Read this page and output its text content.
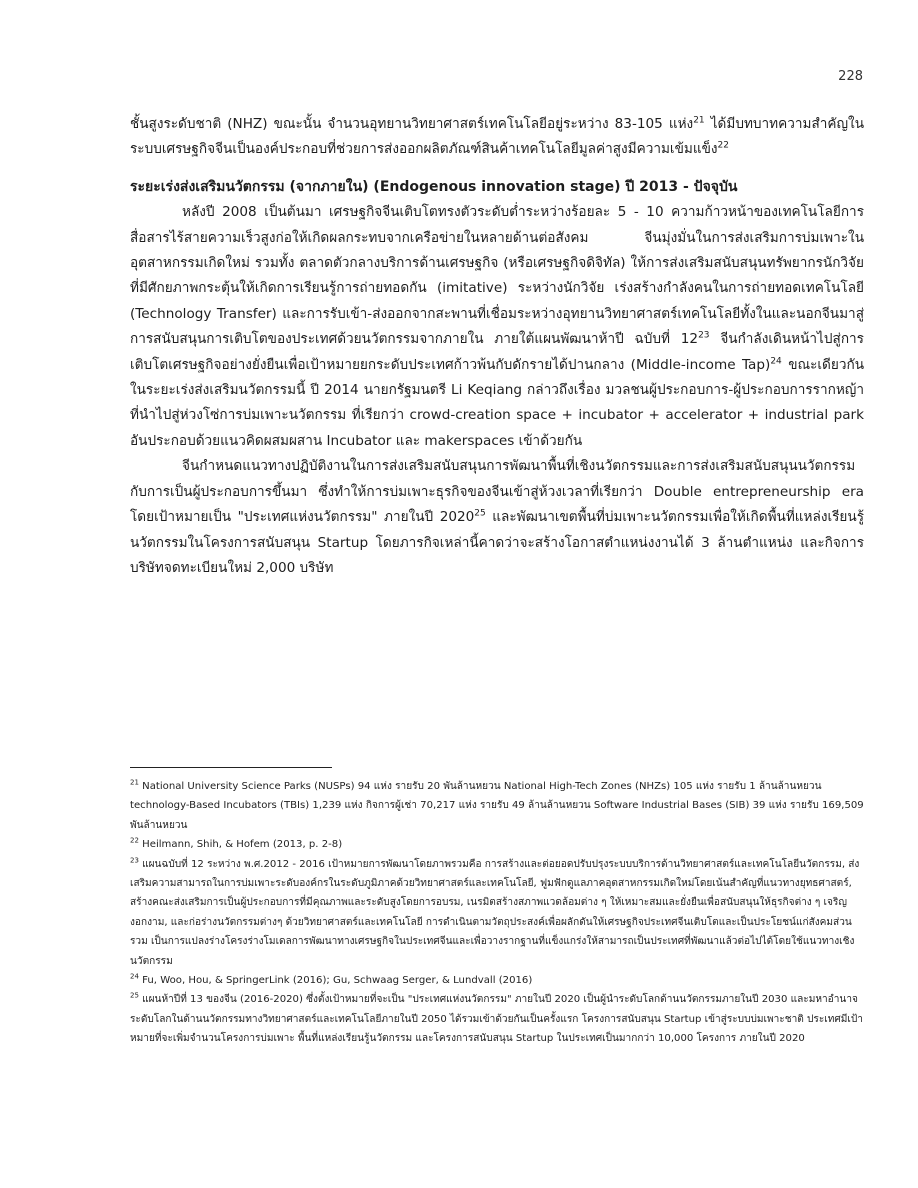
228

ชั้นสูงระดับชาติ (NHZ) ขณะนั้น จำนวนอุทยานวิทยาศาสตร์เทคโนโลยีอยู่ระหว่าง 83-105 แห่ง$^{21}$ ได้มีบทบาทความสำคัญในระบบเศรษฐกิจจีนเป็นองค์ประกอบที่ช่วยการส่งออกผลิตภัณฑ์สินค้าเทคโนโลยีมูลค่าสูงมีความเข้มแข็ง$^{22}$

ระยะเร่งส่งเสริมนวัตกรรม (จากภายใน) (Endogenous innovation stage) ปี 2013 - ปัจจุบัน

หลังปี 2008 เป็นต้นมา เศรษฐกิจจีนเติบโตทรงตัวระดับต่ำระหว่างร้อยละ 5 - 10 ความก้าวหน้าของเทคโนโลยีการสื่อสารไร้สายความเร็วสูงก่อให้เกิดผลกระทบจากเครือข่ายในหลายด้านต่อสังคม จีนมุ่งมั่นในการส่งเสริมการบ่มเพาะในอุตสาหกรรมเกิดใหม่ รวมทั้ง ตลาดตัวกลางบริการด้านเศรษฐกิจ (หรือเศรษฐกิจดิจิทัล) ให้การส่งเสริมสนับสนุนทรัพยากรนักวิจัยที่มีศักยภาพกระตุ้นให้เกิดการเรียนรู้การถ่ายทอดกัน (imitative) ระหว่างนักวิจัย เร่งสร้างกำลังคนในการถ่ายทอดเทคโนโลยี (Technology Transfer) และการรับเข้า-ส่งออกจากสะพานที่เชื่อมระหว่างอุทยานวิทยาศาสตร์เทคโนโลยีทั้งในและนอกจีนมาสู่การสนับสนุนการเติบโตของประเทศด้วยนวัตกรรมจากภายใน ภายใต้แผนพัฒนาห้าปี ฉบับที่ $12^{23}$ จีนกำลังเดินหน้าไปสู่การเติบโตเศรษฐกิจอย่างยั่งยืนเพื่อเป้าหมายยกระดับประเทศก้าวพ้นกับดักรายได้ปานกลาง (Middle-income Tap)$^{24}$ ขณะเดียวกัน ในระยะเร่งส่งเสริมนวัตกรรมนี้ ปี 2014 นายกรัฐมนตรี Li Keqiang กล่าวถึงเรื่อง มวลชนผู้ประกอบการ-ผู้ประกอบการรากหญ้า ที่นำไปสู่ห่วงโซ่การบ่มเพาะนวัตกรรม ที่เรียกว่า crowd-creation space + incubator + accelerator + industrial park อันประกอบด้วยแนวคิดผสมผสาน Incubator และ makerspaces เข้าด้วยกัน

จีนกำหนดแนวทางปฏิบัติงานในการส่งเสริมสนับสนุนการพัฒนาพื้นที่เชิงนวัตกรรมและการส่งเสริมสนับสนุนนวัตกรรมกับการเป็นผู้ประกอบการขึ้นมา ซึ่งทำให้การบ่มเพาะธุรกิจของจีนเข้าสู่ห้วงเวลาที่เรียกว่า Double entrepreneurship era โดยเป้าหมายเป็น "ประเทศแห่งนวัตกรรม" ภายในปี 2020$^{25}$ และพัฒนาเขตพื้นที่บ่มเพาะนวัตกรรมเพื่อให้เกิดพื้นที่แหล่งเรียนรู้นวัตกรรมในโครงการสนับสนุน Startup โดยภารกิจเหล่านี้คาดว่าจะสร้างโอกาสตำแหน่งงานได้ 3 ล้านตำแหน่ง และกิจการบริษัทจดทะเบียนใหม่ 2,000 บริษัท

$^{21}$ National University Science Parks (NUSPs) 94 แห่ง รายรับ 20 พันล้านหยวน National High-Tech Zones (NHZs) 105 แห่ง รายรับ 1 ล้านล้านหยวน technology-Based Incubators (TBIs) 1,239 แห่ง กิจการผู้เช่า 70,217 แห่ง รายรับ 49 ล้านล้านหยวน Software Industrial Bases (SIB) 39 แห่ง รายรับ 169,509 พันล้านหยวน

$^{22}$ Heilmann, Shih, & Hofem (2013, p. 2-8)

$^{23}$ แผนฉบับที่ 12 ระหว่าง พ.ศ.2012 - 2016 เป้าหมายการพัฒนาโดยภาพรวมคือ การสร้างและต่อยอดปรับปรุงระบบบริการด้านวิทยาศาสตร์และเทคโนโลยีนวัตกรรม, ส่งเสริมความสามารถในการบ่มเพาะระดับองค์กรในระดับภูมิภาคด้วยวิทยาศาสตร์และเทคโนโลยี, ฟูมฟักดูแลภาคอุตสาหกรรมเกิดใหม่โดยเน้นสำคัญที่แนวทางยุทธศาสตร์, สร้างคณะส่งเสริมการเป็นผู้ประกอบการที่มีคุณภาพและระดับสูงโดยการอบรม, เนรมิตสร้างสภาพแวดล้อมต่าง ๆ ให้เหมาะสมและยั่งยืนเพื่อสนับสนุนให้ธุรกิจต่าง ๆ เจริญงอกงาม, และก่อร่างนวัตกรรมต่างๆ ด้วยวิทยาศาสตร์และเทคโนโลยี การดำเนินตามวัตถุประสงค์เพื่อผลักดันให้เศรษฐกิจประเทศจีนเติบโตและเป็นประโยชน์แก่สังคมส่วนรวม เป็นการแปลงร่างโครงร่างโมเดลการพัฒนาทางเศรษฐกิจในประเทศจีนและเพื่อวางรากฐานที่แข็งแกร่งให้สามารถเป็นประเทศที่พัฒนาแล้วต่อไปได้โดยใช้แนวทางเชิงนวัตกรรม

$^{24}$ Fu, Woo, Hou, & SpringerLink (2016); Gu, Schwaag Serger, & Lundvall (2016)

$^{25}$ แผนห้าปีที่ 13 ของจีน (2016-2020) ซึ่งตั้งเป้าหมายที่จะเป็น "ประเทศแห่งนวัตกรรม" ภายในปี 2020 เป็นผู้นำระดับโลกด้านนวัตกรรมภายในปี 2030 และมหาอำนาจระดับโลกในด้านนวัตกรรมทางวิทยาศาสตร์และเทคโนโลยีภายในปี 2050 ได้รวมเข้าด้วยกันเป็นครั้งแรก โครงการสนับสนุน Startup เข้าสู่ระบบบ่มเพาะชาติ ประเทศมีเป้าหมายที่จะเพิ่มจำนวนโครงการบ่มเพาะ พื้นที่แหล่งเรียนรู้นวัตกรรม และโครงการสนับสนุน Startup ในประเทศเป็นมากกว่า 10,000 โครงการ ภายในปี 2020
